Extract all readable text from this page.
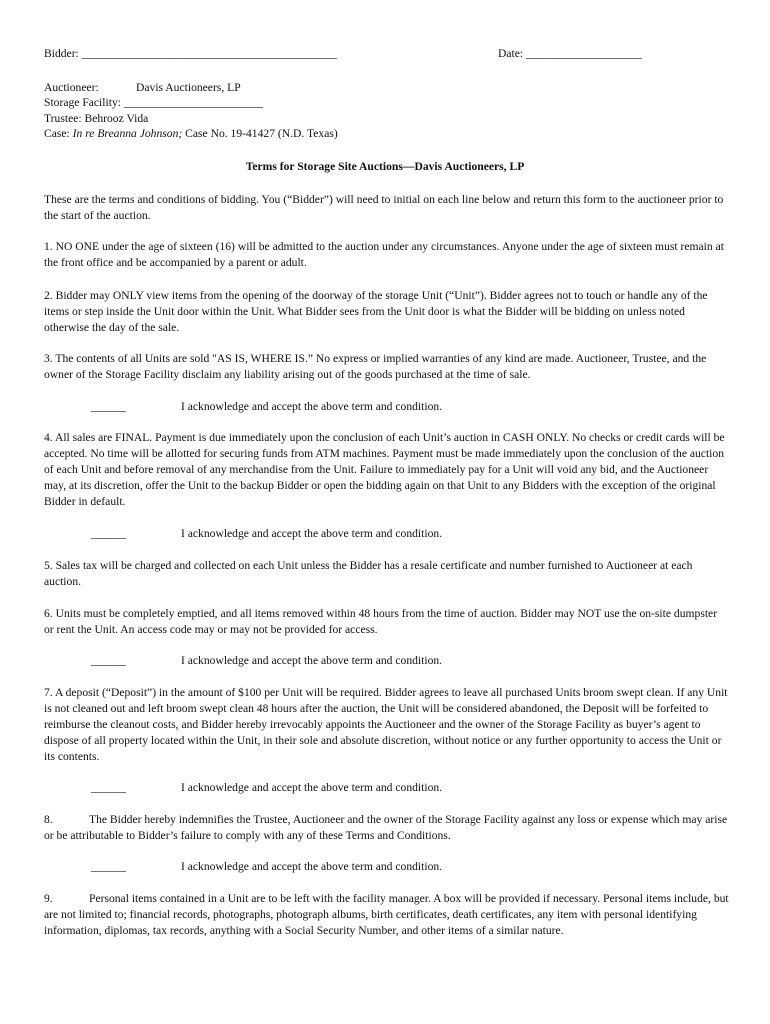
Bidder: ____________________________________________	Date: ____________________
Auctioneer:	Davis Auctioneers, LP
Storage Facility: ________________________
Trustee: Behrooz Vida
Case: In re Breanna Johnson; Case No. 19-41427 (N.D. Texas)
Terms for Storage Site Auctions—Davis Auctioneers, LP
These are the terms and conditions of bidding. You (“Bidder”) will need to initial on each line below and return this form to the auctioneer prior to the start of the auction.
1. NO ONE under the age of sixteen (16) will be admitted to the auction under any circumstances. Anyone under the age of sixteen must remain at the front office and be accompanied by a parent or adult.
2. Bidder may ONLY view items from the opening of the doorway of the storage Unit (“Unit”). Bidder agrees not to touch or handle any of the items or step inside the Unit door within the Unit. What Bidder sees from the Unit door is what the Bidder will be bidding on unless noted otherwise the day of the sale.
3. The contents of all Units are sold "AS IS, WHERE IS.” No express or implied warranties of any kind are made. Auctioneer, Trustee, and the owner of the Storage Facility disclaim any liability arising out of the goods purchased at the time of sale.
______	I acknowledge and accept the above term and condition.
4. All sales are FINAL. Payment is due immediately upon the conclusion of each Unit’s auction in CASH ONLY. No checks or credit cards will be accepted. No time will be allotted for securing funds from ATM machines. Payment must be made immediately upon the conclusion of the auction of each Unit and before removal of any merchandise from the Unit. Failure to immediately pay for a Unit will void any bid, and the Auctioneer may, at its discretion, offer the Unit to the backup Bidder or open the bidding again on that Unit to any Bidders with the exception of the original Bidder in default.
______	I acknowledge and accept the above term and condition.
5. Sales tax will be charged and collected on each Unit unless the Bidder has a resale certificate and number furnished to Auctioneer at each auction.
6. Units must be completely emptied, and all items removed within 48 hours from the time of auction. Bidder may NOT use the on-site dumpster or rent the Unit. An access code may or may not be provided for access.
______	I acknowledge and accept the above term and condition.
7. A deposit (“Deposit”) in the amount of $100 per Unit will be required. Bidder agrees to leave all purchased Units broom swept clean. If any Unit is not cleaned out and left broom swept clean 48 hours after the auction, the Unit will be considered abandoned, the Deposit will be forfeited to reimburse the cleanout costs, and Bidder hereby irrevocably appoints the Auctioneer and the owner of the Storage Facility as buyer’s agent to dispose of all property located within the Unit, in their sole and absolute discretion, without notice or any further opportunity to access the Unit or its contents.
______	I acknowledge and accept the above term and condition.
8.	The Bidder hereby indemnifies the Trustee, Auctioneer and the owner of the Storage Facility against any loss or expense which may arise or be attributable to Bidder’s failure to comply with any of these Terms and Conditions.
______	I acknowledge and accept the above term and condition.
9.	Personal items contained in a Unit are to be left with the facility manager. A box will be provided if necessary. Personal items include, but are not limited to; financial records, photographs, photograph albums, birth certificates, death certificates, any item with personal identifying information, diplomas, tax records, anything with a Social Security Number, and other items of a similar nature.
